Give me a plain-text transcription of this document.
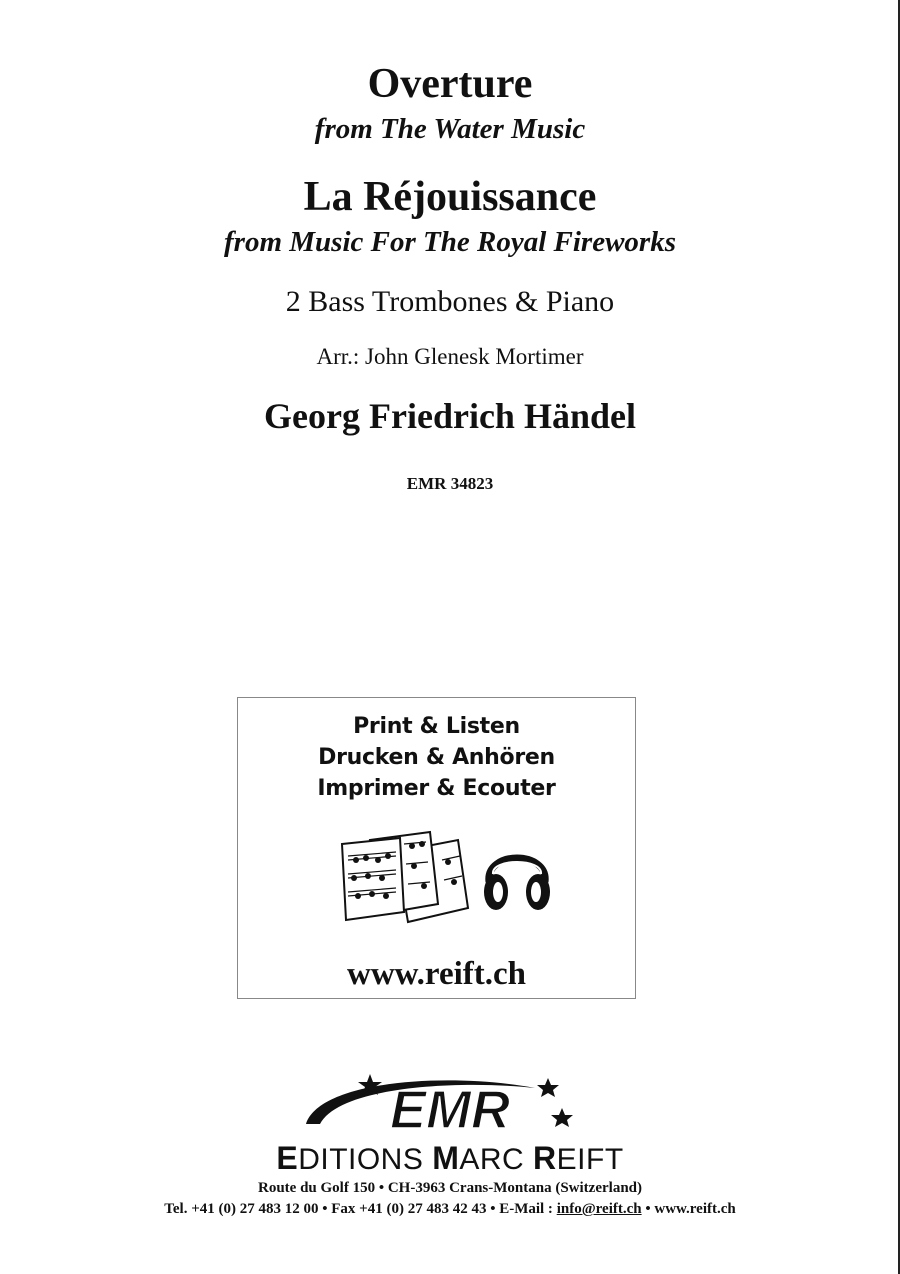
Overture
from The Water Music
La Réjouissance
from Music For The Royal Fireworks
2 Bass Trombones & Piano
Arr.: John Glenesk Mortimer
Georg Friedrich Händel
EMR 34823
Print & Listen
Drucken & Anhören
Imprimer & Ecouter
www.reift.ch
EMR
EDITIONS MARC REIFT
Route du Golf 150 • CH-3963 Crans-Montana (Switzerland)
Tel. +41 (0) 27 483 12 00 • Fax +41 (0) 27 483 42 43 • E-Mail : info@reift.ch • www.reift.ch
